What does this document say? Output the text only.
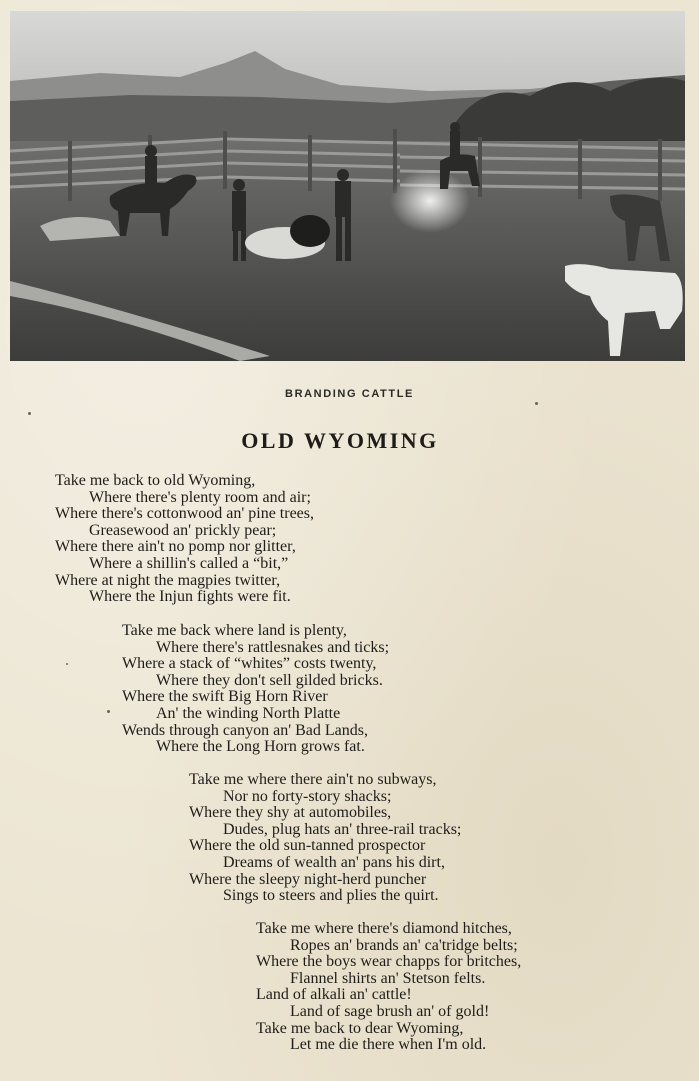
BRANDING CATTLE
OLD WYOMING
Take me back to old Wyoming,
Where there's plenty room and air;
Where there's cottonwood an' pine trees,
Greasewood an' prickly pear;
Where there ain't no pomp nor glitter,
Where a shillin's called a “bit,”
Where at night the magpies twitter,
Where the Injun fights were fit.
Take me back where land is plenty,
Where there's rattlesnakes and ticks;
Where a stack of “whites” costs twenty,
Where they don't sell gilded bricks.
Where the swift Big Horn River
An' the winding North Platte
Wends through canyon an' Bad Lands,
Where the Long Horn grows fat.
Take me where there ain't no subways,
Nor no forty-story shacks;
Where they shy at automobiles,
Dudes, plug hats an' three-rail tracks;
Where the old sun-tanned prospector
Dreams of wealth an' pans his dirt,
Where the sleepy night-herd puncher
Sings to steers and plies the quirt.
Take me where there's diamond hitches,
Ropes an' brands an' ca'tridge belts;
Where the boys wear chapps for britches,
Flannel shirts an' Stetson felts.
Land of alkali an' cattle!
Land of sage brush an' of gold!
Take me back to dear Wyoming,
Let me die there when I'm old.
